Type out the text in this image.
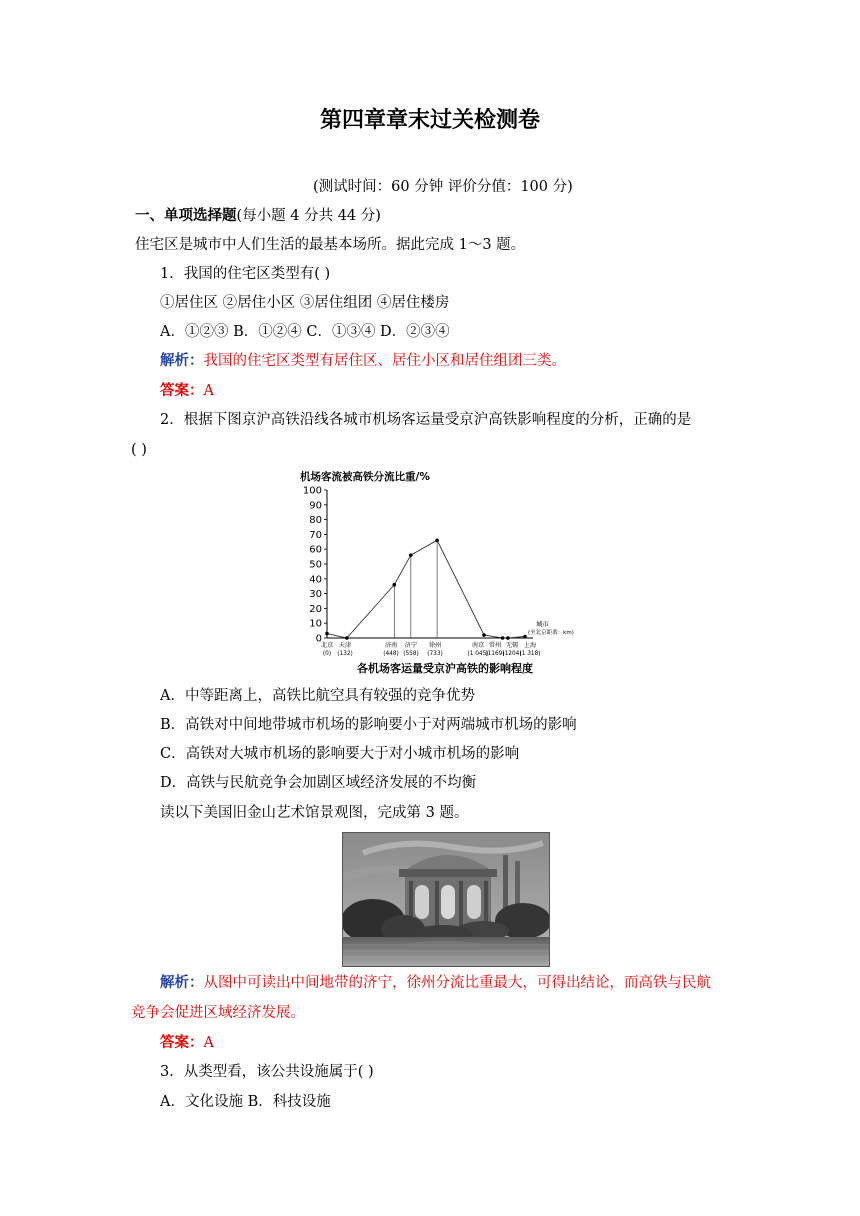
第四章章末过关检测卷
(测试时间：60 分钟 评价分值：100 分)
一、单项选择题(每小题 4 分共 44 分)
住宅区是城市中人们生活的最基本场所。据此完成 1～3 题。
1．我国的住宅区类型有( )
①居住区 ②居住小区 ③居住组团 ④居住楼房
A．①②③ B．①②④ C．①③④ D．②③④
解析：我国的住宅区类型有居住区、居住小区和居住组团三类。
答案：A
2．根据下图京沪高铁沿线各城市机场客运量受京沪高铁影响程度的分析，正确的是
( )
机场客流被高铁分流比重/%
城市
(至北京距离：km)
各机场客运量受京沪高铁的影响程度
0
10
20
30
40
50
60
70
80
90
100
北京
(0)
天津
(132)
济南
(448)
济宁
(558)
徐州
(733)
南京
(1 045)
常州
(1169)
无锡
(1204)
上海
(1 318)
A．中等距离上，高铁比航空具有较强的竞争优势
B．高铁对中间地带城市机场的影响要小于对两端城市机场的影响
C．高铁对大城市机场的影响要大于对小城市机场的影响
D．高铁与民航竞争会加剧区域经济发展的不均衡
读以下美国旧金山艺术馆景观图，完成第 3 题。
解析：从图中可读出中间地带的济宁，徐州分流比重最大，可得出结论，而高铁与民航
竞争会促进区域经济发展。
答案：A
3．从类型看，该公共设施属于( )
A．文化设施 B．科技设施
